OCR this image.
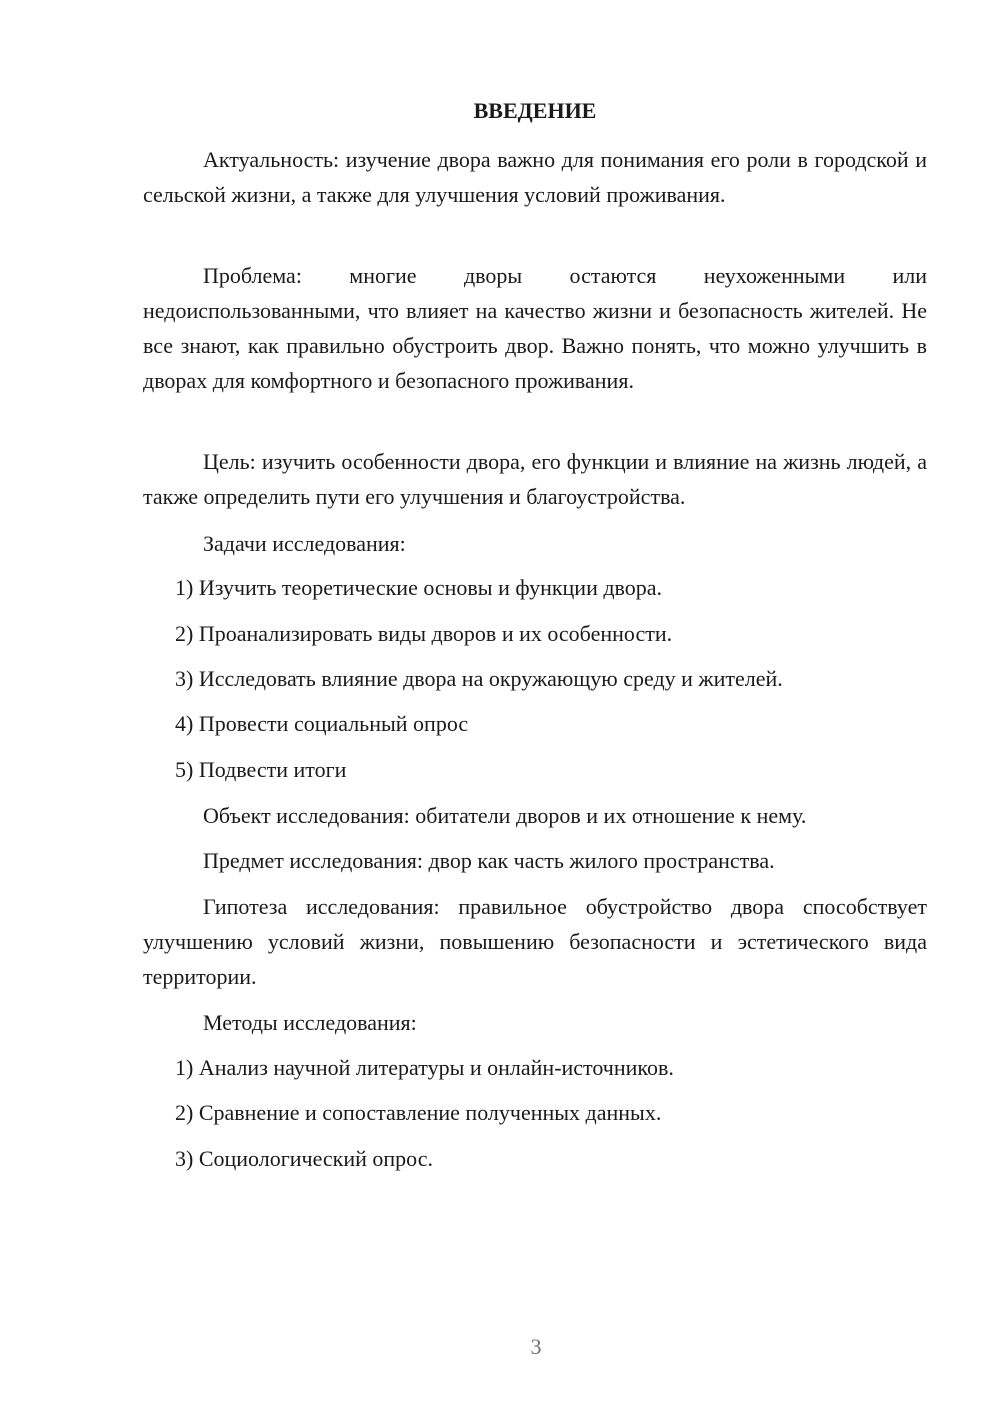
ВВЕДЕНИЕ

Актуальность: изучение двора важно для понимания его роли в городской и сельской жизни, а также для улучшения условий проживания.

Проблема: многие дворы остаются неухоженными или недоиспользованными, что влияет на качество жизни и безопасность жителей. Не все знают, как правильно обустроить двор. Важно понять, что можно улучшить в дворах для комфортного и безопасного проживания.

Цель: изучить особенности двора, его функции и влияние на жизнь людей, а также определить пути его улучшения и благоустройства.

Задачи исследования:

1) Изучить теоретические основы и функции двора.

2) Проанализировать виды дворов и их особенности.

3) Исследовать влияние двора на окружающую среду и жителей.

4) Провести социальный опрос

5) Подвести итоги

Объект исследования: обитатели дворов и их отношение к нему.

Предмет исследования: двор как часть жилого пространства.

Гипотеза исследования: правильное обустройство двора способствует улучшению условий жизни, повышению безопасности и эстетического вида территории.

Методы исследования:

1) Анализ научной литературы и онлайн-источников.

2) Сравнение и сопоставление полученных данных.

3) Социологический опрос.

3
